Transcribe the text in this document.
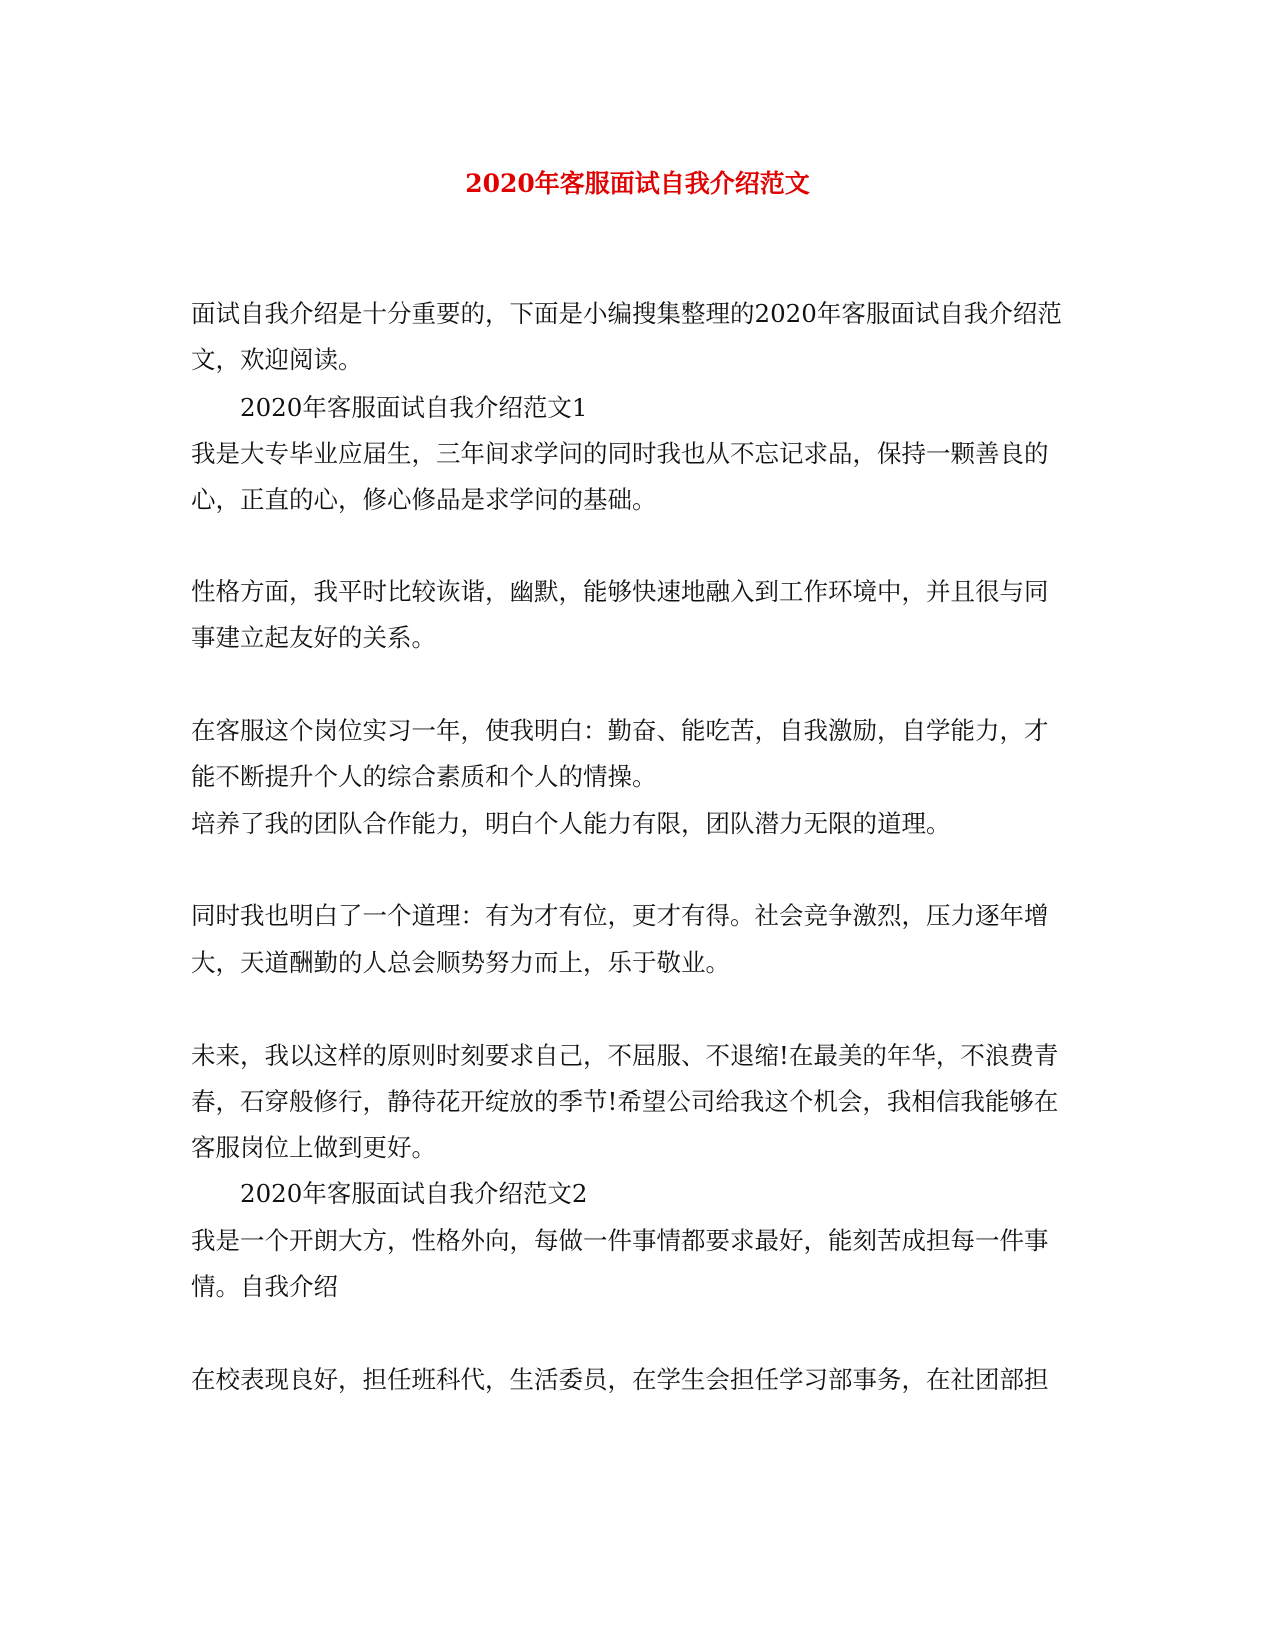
2020年客服面试自我介绍范文
面试自我介绍是十分重要的，下面是小编搜集整理的2020年客服面试自我介绍范
文，欢迎阅读。
2020年客服面试自我介绍范文1
我是大专毕业应届生，三年间求学问的同时我也从不忘记求品，保持一颗善良的
心，正直的心，修心修品是求学问的基础。
性格方面，我平时比较诙谐，幽默，能够快速地融入到工作环境中，并且很与同
事建立起友好的关系。
在客服这个岗位实习一年，使我明白：勤奋、能吃苦，自我激励，自学能力，才
能不断提升个人的综合素质和个人的情操。
培养了我的团队合作能力，明白个人能力有限，团队潜力无限的道理。
同时我也明白了一个道理：有为才有位，更才有得。社会竞争激烈，压力逐年增
大，天道酬勤的人总会顺势努力而上，乐于敬业。
未来，我以这样的原则时刻要求自己，不屈服、不退缩!在最美的年华，不浪费青
春，石穿般修行，静待花开绽放的季节!希望公司给我这个机会，我相信我能够在
客服岗位上做到更好。
2020年客服面试自我介绍范文2
我是一个开朗大方，性格外向，每做一件事情都要求最好，能刻苦成担每一件事
情。自我介绍
在校表现良好，担任班科代，生活委员，在学生会担任学习部事务，在社团部担
